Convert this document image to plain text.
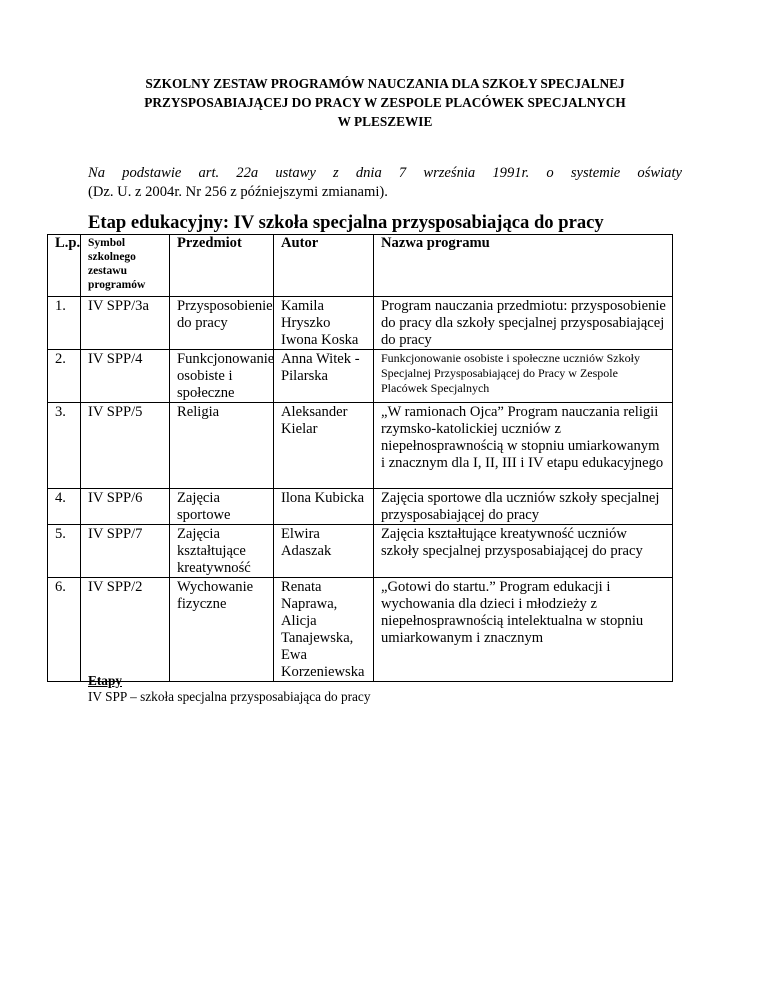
SZKOLNY ZESTAW PROGRAMÓW NAUCZANIA DLA SZKOŁY SPECJALNEJ
PRZYSPOSABIAJĄCEJ DO PRACY W ZESPOLE PLACÓWEK SPECJALNYCH
W PLESZEWIE
Na podstawie art. 22a ustawy z dnia 7 września 1991r. o systemie oświaty
(Dz. U. z 2004r. Nr 256 z późniejszymi zmianami).
Etap edukacyjny: IV szkoła specjalna przysposabiająca do pracy
L.p.	Symbol szkolnego zestawu programów	Przedmiot	Autor	Nazwa programu
1.	IV SPP/3a	Przysposobienie do pracy	Kamila Hryszko Iwona Koska	Program nauczania przedmiotu: przysposobienie do pracy dla szkoły specjalnej przysposabiającej do pracy
2.	IV SPP/4	Funkcjonowanie osobiste i społeczne	Anna Witek - Pilarska	Funkcjonowanie osobiste i społeczne uczniów Szkoły Specjalnej Przysposabiającej do Pracy w Zespole Placówek Specjalnych
3.	IV SPP/5	Religia	Aleksander Kielar	„W ramionach Ojca” Program nauczania religii rzymsko-katolickiej uczniów z niepełnosprawnością w stopniu umiarkowanym i znacznym dla I, II, III i IV etapu edukacyjnego
4.	IV SPP/6	Zajęcia sportowe	Ilona Kubicka	Zajęcia sportowe dla uczniów szkoły specjalnej przysposabiającej do pracy
5.	IV SPP/7	Zajęcia kształtujące kreatywność	Elwira Adaszak	Zajęcia kształtujące kreatywność uczniów szkoły specjalnej przysposabiającej do pracy
6.	IV SPP/2	Wychowanie fizyczne	Renata Naprawa, Alicja Tanajewska, Ewa Korzeniewska	„Gotowi do startu.” Program edukacji i wychowania dla dzieci i młodzieży z niepełnosprawnością intelektualna w stopniu umiarkowanym i znacznym
Etapy
IV SPP – szkoła specjalna przysposabiająca do pracy
